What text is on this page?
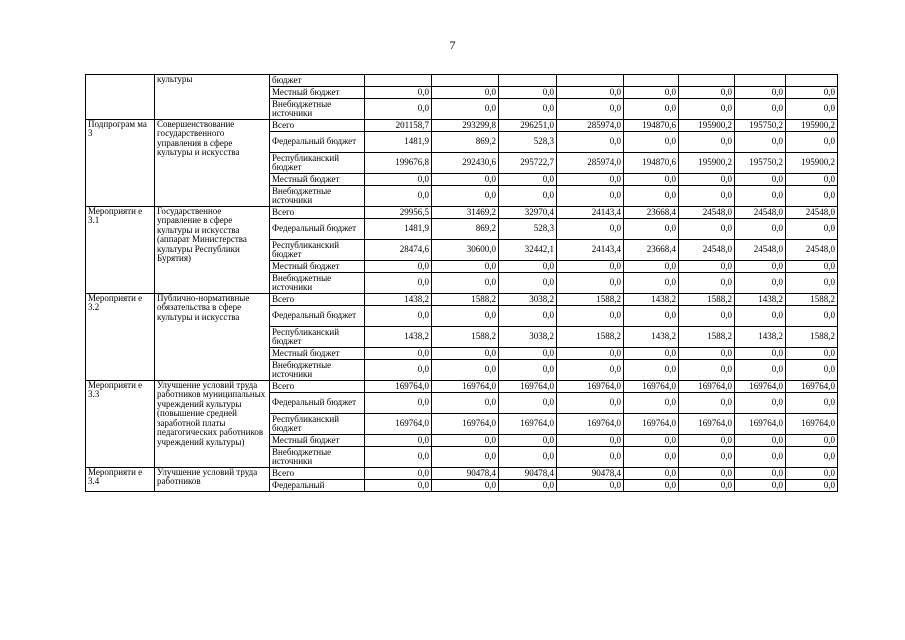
7
	культуры	бюджет								
		Местный бюджет	0,0	0,0	0,0	0,0	0,0	0,0	0,0	0,0
		Внебюджетные источники	0,0	0,0	0,0	0,0	0,0	0,0	0,0	0,0
Подпрограм ма 3	Совершенствование государственного управления в сфере культуры и искусства	Всего	201158,7	293299,8	296251,0	285974,0	194870,6	195900,2	195750,2	195900,2
		Федеральный бюджет	1481,9	869,2	528,3	0,0	0,0	0,0	0,0	0,0
		Республиканский бюджет	199676,8	292430,6	295722,7	285974,0	194870,6	195900,2	195750,2	195900,2
		Местный бюджет	0,0	0,0	0,0	0,0	0,0	0,0	0,0	0,0
		Внебюджетные источники	0,0	0,0	0,0	0,0	0,0	0,0	0,0	0,0
Мероприяти е 3.1	Государственное управление в сфере культуры и искусства (аппарат Министерства культуры Республики Бурятия)	Всего	29956,5	31469,2	32970,4	24143,4	23668,4	24548,0	24548,0	24548,0
		Федеральный бюджет	1481,9	869,2	528,3	0,0	0,0	0,0	0,0	0,0
		Республиканский бюджет	28474,6	30600,0	32442,1	24143,4	23668,4	24548,0	24548,0	24548,0
		Местный бюджет	0,0	0,0	0,0	0,0	0,0	0,0	0,0	0,0
		Внебюджетные источники	0,0	0,0	0,0	0,0	0,0	0,0	0,0	0,0
Мероприяти е 3.2	Публично-нормативные обязательства в сфере культуры и искусства	Всего	1438,2	1588,2	3038,2	1588,2	1438,2	1588,2	1438,2	1588,2
		Федеральный бюджет	0,0	0,0	0,0	0,0	0,0	0,0	0,0	0,0
		Республиканский бюджет	1438,2	1588,2	3038,2	1588,2	1438,2	1588,2	1438,2	1588,2
		Местный бюджет	0,0	0,0	0,0	0,0	0,0	0,0	0,0	0,0
		Внебюджетные источники	0,0	0,0	0,0	0,0	0,0	0,0	0,0	0,0
Мероприяти е 3.3	Улучшение условий труда работников муниципальных учреждений культуры (повышение средней заработной платы педагогических работников учреждений культуры)	Всего	169764,0	169764,0	169764,0	169764,0	169764,0	169764,0	169764,0	169764,0
		Федеральный бюджет	0,0	0,0	0,0	0,0	0,0	0,0	0,0	0,0
		Республиканский бюджет	169764,0	169764,0	169764,0	169764,0	169764,0	169764,0	169764,0	169764,0
		Местный бюджет	0,0	0,0	0,0	0,0	0,0	0,0	0,0	0,0
		Внебюджетные источники	0,0	0,0	0,0	0,0	0,0	0,0	0,0	0,0
Мероприяти е 3.4	Улучшение условий труда работников	Всего	0,0	90478,4	90478,4	90478,4	0,0	0,0	0,0	0,0
		Федеральный	0,0	0,0	0,0	0,0	0,0	0,0	0,0	0,0
